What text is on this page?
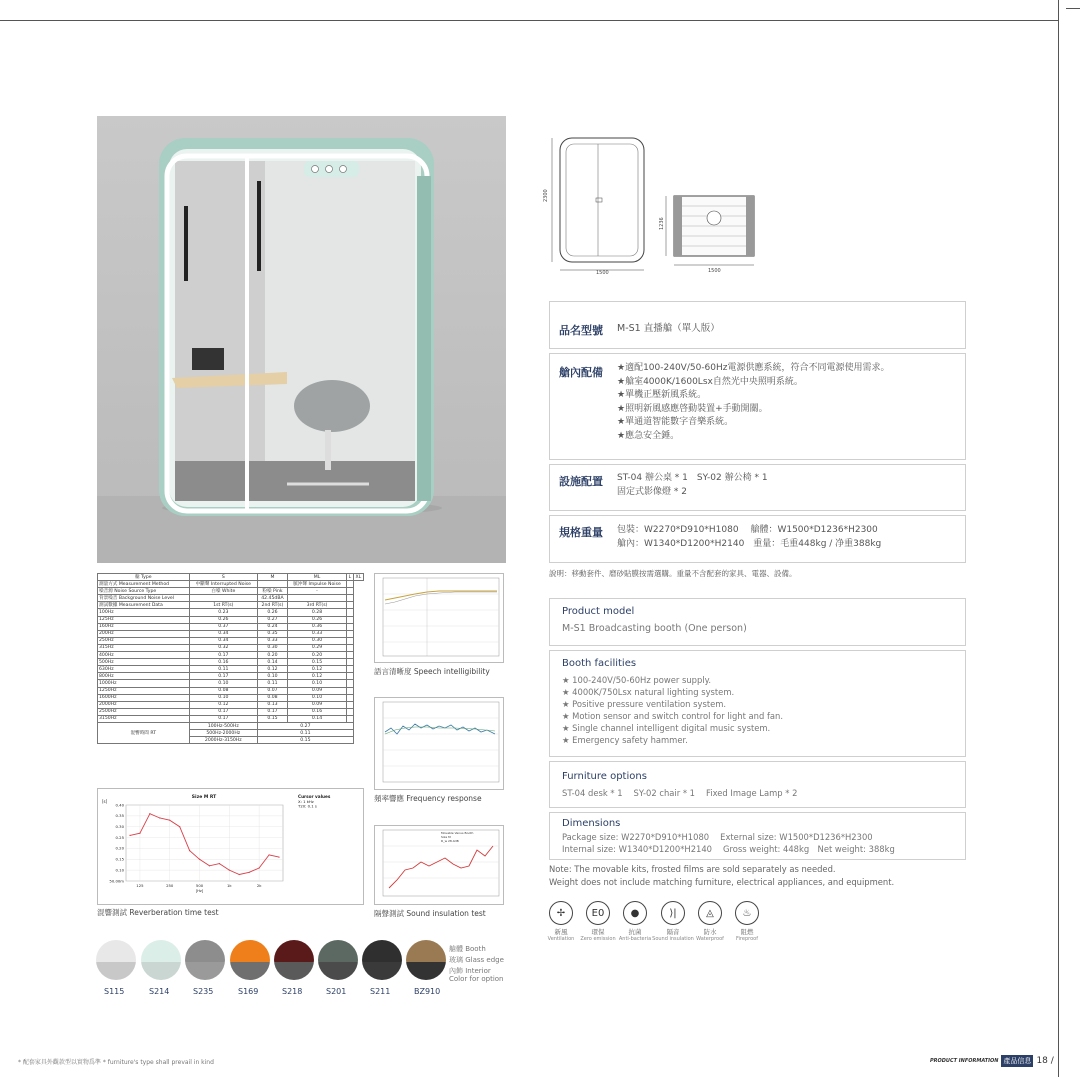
2300
1500
1236
1500
品名型號 M-S1 直播艙（單人版）
艙內配備 ★適配100-240V/50-60Hz電源供應系統，符合不同電源使用需求。
★艙室4000K/1600Lsx自然光中央照明系統。
★單機正壓新風系統。
★照明新風感應啓動裝置+手動開關。
★單通道智能數字音樂系統。
★應急安全錘。
設施配置 ST-04 辦公桌 * 1　SY-02 辦公椅 * 1
固定式影像燈 * 2
規格重量 包裝：W2270*D910*H1080　 艙體：W1500*D1236*H2300
艙內：W1340*D1200*H2140　重量：毛重448kg / 净重388kg
說明：移動套件、磨砂貼膜按需選購。重量不含配套的家具、電器、設備。
Product model
M-S1 Broadcasting booth (One person)
Booth facilities
★ 100-240V/50-60Hz power supply.
★ 4000K/750Lsx natural lighting system.
★ Positive pressure ventilation system.
★ Motion sensor and switch control for light and fan.
★ Single channel intelligent digital music system.
★ Emergency safety hammer.
Furniture options
ST-04 desk * 1　 SY-02 chair * 1　 Fixed Image Lamp * 2
Dimensions
Package size: W2270*D910*H1080　 External size: W1500*D1236*H2300
Internal size: W1340*D1200*H2140　 Gross weight: 448kg　Net weight: 388kg
Note: The movable kits, frosted films are sold separately as needed.
Weight does not include matching furniture, electrical appliances, and equipment.
✢
新風
Ventilation
E0
環保
Zero emission
●
抗菌
Anti-bacteria
⟩|
隔音
Sound insulation
◬
防水
Waterproof
♨
阻燃
Fireproof
艙 Type	S	M	ML	L	XL
測量方式 Measurement Method	中斷聲 Interrupted Noise		脈沖聲 Impulse Noise		
噪音源 Noise Source Type	白噪 White	粉噪 Pink	-		
背景噪音 Background Noise Level		42.45dBA			
測試數據 Measurement Data	1st RT(s)	2nd RT(s)	3rd RT(s)		
100Hz	0.23	0.26	0.28		
125Hz	0.26	0.27	0.26		
160Hz	0.37	0.24	0.36		
200Hz	0.34	0.35	0.33		
250Hz	0.34	0.33	0.30		
315Hz	0.32	0.30	0.29		
400Hz	0.17	0.20	0.20		
500Hz	0.16	0.14	0.15		
630Hz	0.11	0.12	0.12		
800Hz	0.17	0.10	0.12		
1000Hz	0.10	0.11	0.10		
1250Hz	0.08	0.07	0.09		
1600Hz	0.10	0.08	0.10		
2000Hz	0.12	0.13	0.09		
2500Hz	0.17	0.17	0.16		
3150Hz	0.17	0.15	0.14		
混響時間 RT	100Hz-500Hz	0.27			
	500Hz-2000Hz	0.11			
	2000Hz-3150Hz	0.15			
Size M RT	Cursor values
X: 1 kHz
T20: 0.1 s
[s]
0.40
0.35
0.30
0.25
0.20
0.15
0.10
50.00m
125	250	500	1k	2k
[Hz]
混響測試 Reverberation time test
語言清晰度 Speech intelligibility
頻率響應 Frequency response
Movable Venus Booth
Size M
R_w 28.4dB
隔聲測試 Sound insulation test
S115	S214	S235	S169	S218	S201	S211	BZ910
艙體 Booth
玻璃 Glass edge
內飾 Interior
Color for option
* 配套家具外觀款型以實物爲準 * furniture's type shall prevail in kind	PRODUCT INFORMATION 產品信息 18 /
